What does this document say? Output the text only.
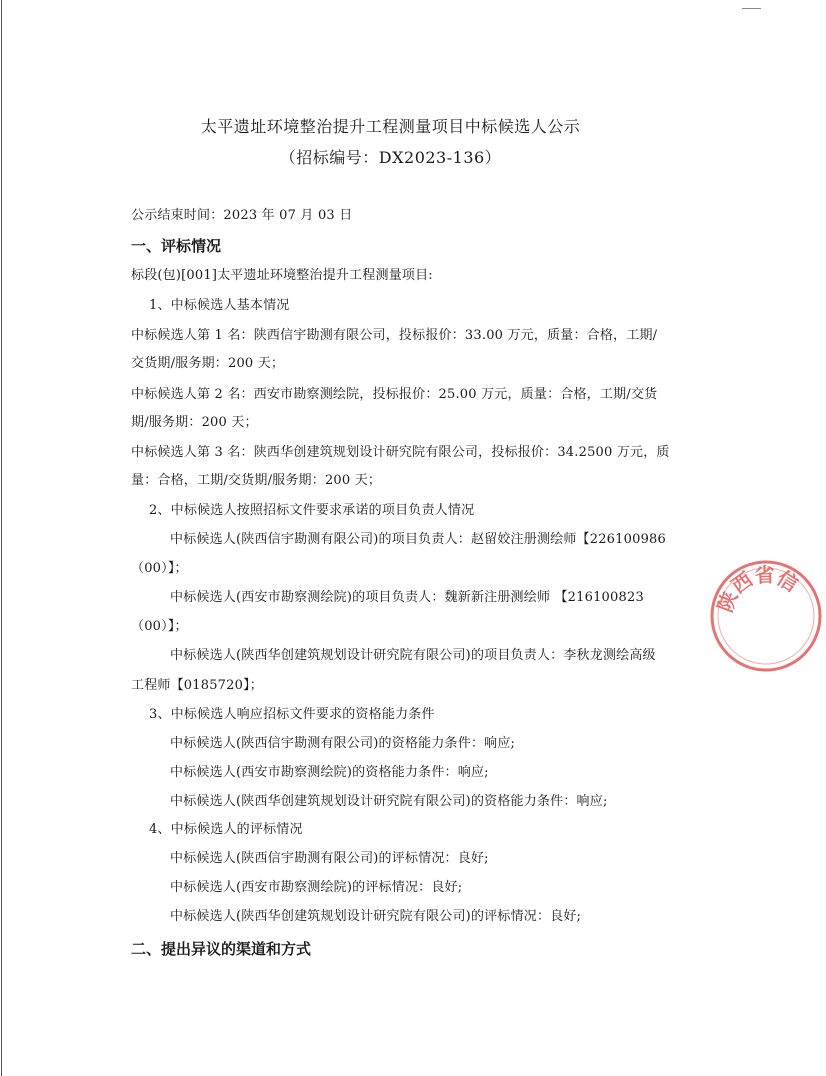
太平遗址环境整治提升工程测量项目中标候选人公示
（招标编号：DX2023-136）
公示结束时间：2023 年 07 月 03 日
一、评标情况
标段(包)[001]太平遗址环境整治提升工程测量项目:
1、中标候选人基本情况
中标候选人第 1 名：陕西信宇勘测有限公司，投标报价：33.00 万元，质量：合格，工期/
交货期/服务期：200 天；
中标候选人第 2 名：西安市勘察测绘院，投标报价：25.00 万元，质量：合格，工期/交货
期/服务期：200 天；
中标候选人第 3 名：陕西华创建筑规划设计研究院有限公司，投标报价：34.2500 万元，质
量：合格，工期/交货期/服务期：200 天；
2、中标候选人按照招标文件要求承诺的项目负责人情况
中标候选人(陕西信宇勘测有限公司)的项目负责人：赵留姣注册测绘师【226100986
（00）】；
中标候选人(西安市勘察测绘院)的项目负责人：魏新新注册测绘师 【216100823
（00）】；
中标候选人(陕西华创建筑规划设计研究院有限公司)的项目负责人：李秋龙测绘高级
工程师【0185720】；
3、中标候选人响应招标文件要求的资格能力条件
中标候选人(陕西信宇勘测有限公司)的资格能力条件：响应;
中标候选人(西安市勘察测绘院)的资格能力条件：响应;
中标候选人(陕西华创建筑规划设计研究院有限公司)的资格能力条件：响应;
4、中标候选人的评标情况
中标候选人(陕西信宇勘测有限公司)的评标情况：良好;
中标候选人(西安市勘察测绘院)的评标情况：良好;
中标候选人(陕西华创建筑规划设计研究院有限公司)的评标情况：良好;
二、提出异议的渠道和方式
陕西省信
